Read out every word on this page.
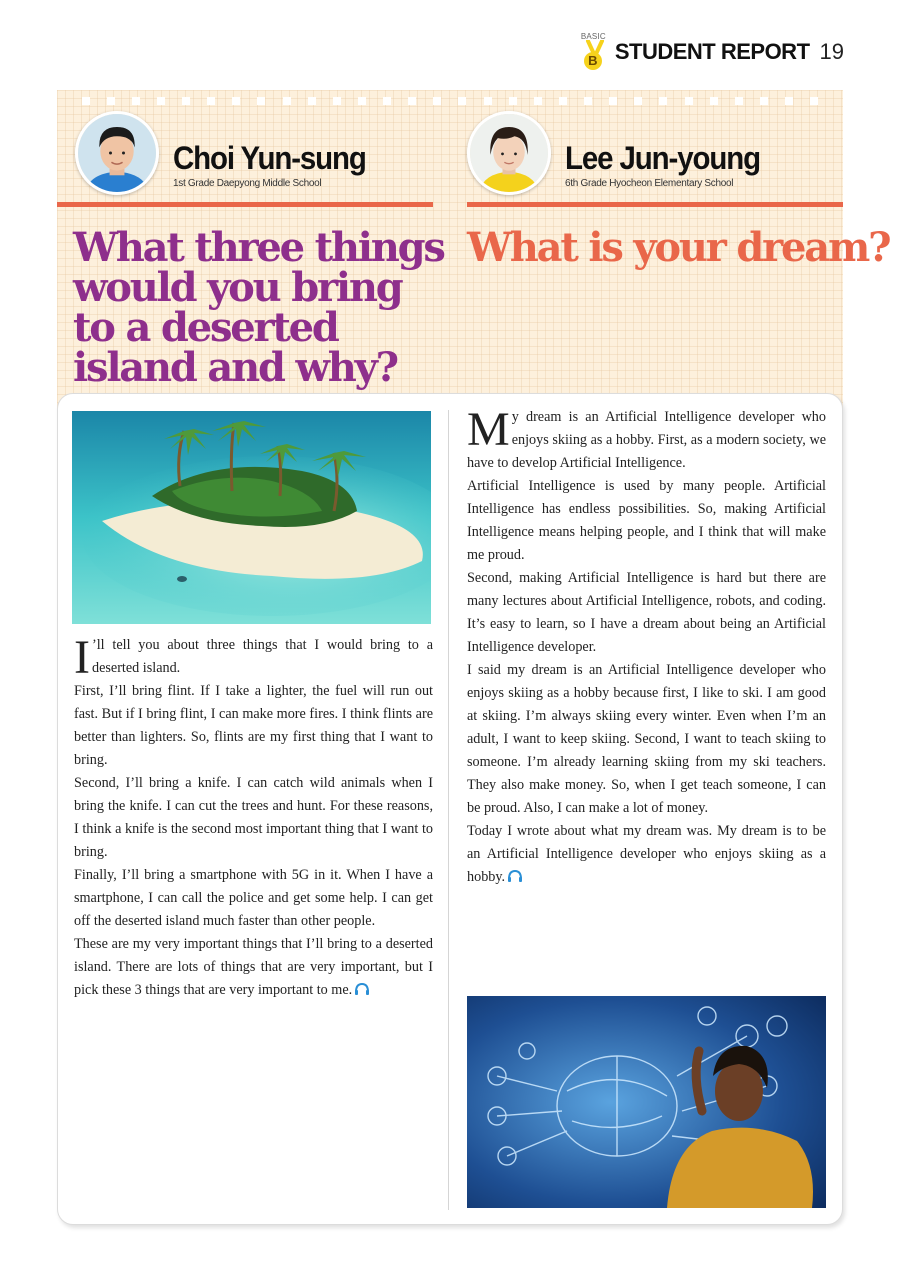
BASIC
B STUDENT REPORT 19
Choi Yun-sung
1st Grade Daepyong Middle School
Lee Jun-young
6th Grade Hyocheon Elementary School
What three things would you bring to a deserted island and why?
What is your dream?
I ’ll tell you about three things that I would bring to a deserted island.

First, I’ll bring flint. If I take a lighter, the fuel will run out fast. But if I bring flint, I can make more fires. I think flints are better than lighters. So, flints are my first thing that I want to bring.

Second, I’ll bring a knife. I can catch wild animals when I bring the knife. I can cut the trees and hunt. For these reasons, I think a knife is the second most important thing that I want to bring.

Finally, I’ll bring a smartphone with 5G in it. When I have a smartphone, I can call the police and get some help. I can get off the deserted island much faster than other people.

These are my very important things that I’ll bring to a deserted island. There are lots of things that are very important, but I pick these 3 things that are very important to me.

M y dream is an Artificial Intelligence developer who enjoys skiing as a hobby. First, as a modern society, we have to develop Artificial Intelligence.

Artificial Intelligence is used by many people. Artificial Intelligence has endless possibilities. So, making Artificial Intelligence means helping people, and I think that will make me proud.

Second, making Artificial Intelligence is hard but there are many lectures about Artificial Intelligence, robots, and coding. It’s easy to learn, so I have a dream about being an Artificial Intelligence developer.

I said my dream is an Artificial Intelligence developer who enjoys skiing as a hobby because first, I like to ski. I am good at skiing. I’m always skiing every winter. Even when I’m an adult, I want to keep skiing. Second, I want to teach skiing to someone. I’m already learning skiing from my ski teachers. They also make money. So, when I get teach someone, I can be proud. Also, I can make a lot of money.

Today I wrote about what my dream was. My dream is to be an Artificial Intelligence developer who enjoys skiing as a hobby.
